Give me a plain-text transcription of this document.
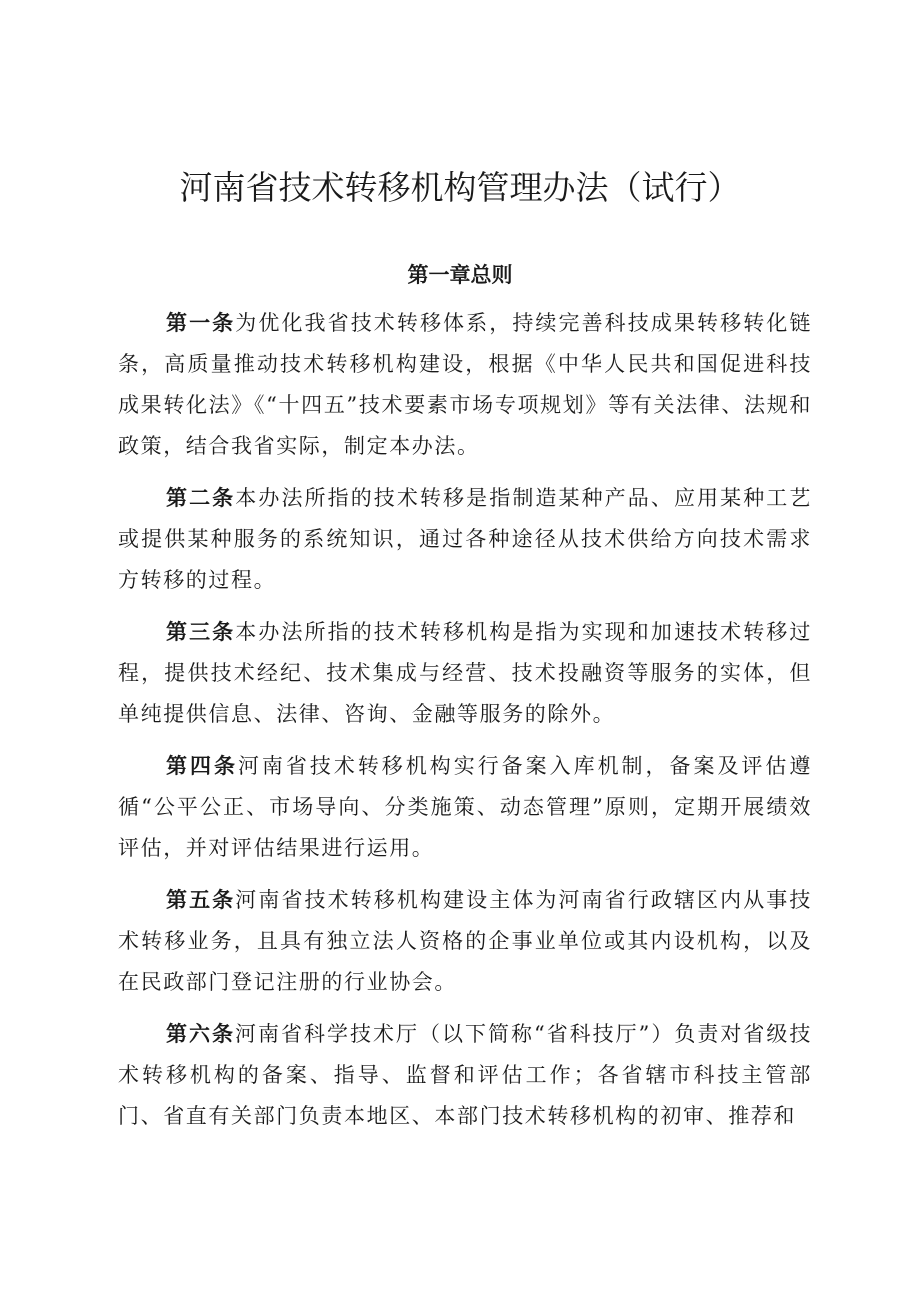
河南省技术转移机构管理办法（试行）
第一章总则

第一条为优化我省技术转移体系，持续完善科技成果转移转化链条，高质量推动技术转移机构建设，根据《中华人民共和国促进科技成果转化法》《“十四五”技术要素市场专项规划》等有关法律、法规和政策，结合我省实际，制定本办法。

第二条本办法所指的技术转移是指制造某种产品、应用某种工艺或提供某种服务的系统知识，通过各种途径从技术供给方向技术需求方转移的过程。

第三条本办法所指的技术转移机构是指为实现和加速技术转移过程，提供技术经纪、技术集成与经营、技术投融资等服务的实体，但单纯提供信息、法律、咨询、金融等服务的除外。

第四条河南省技术转移机构实行备案入库机制，备案及评估遵循“公平公正、市场导向、分类施策、动态管理”原则，定期开展绩效评估，并对评估结果进行运用。

第五条河南省技术转移机构建设主体为河南省行政辖区内从事技术转移业务，且具有独立法人资格的企事业单位或其内设机构，以及在民政部门登记注册的行业协会。

第六条河南省科学技术厅（以下简称“省科技厅”）负责对省级技术转移机构的备案、指导、监督和评估工作；各省辖市科技主管部门、省直有关部门负责本地区、本部门技术转移机构的初审、推荐和
